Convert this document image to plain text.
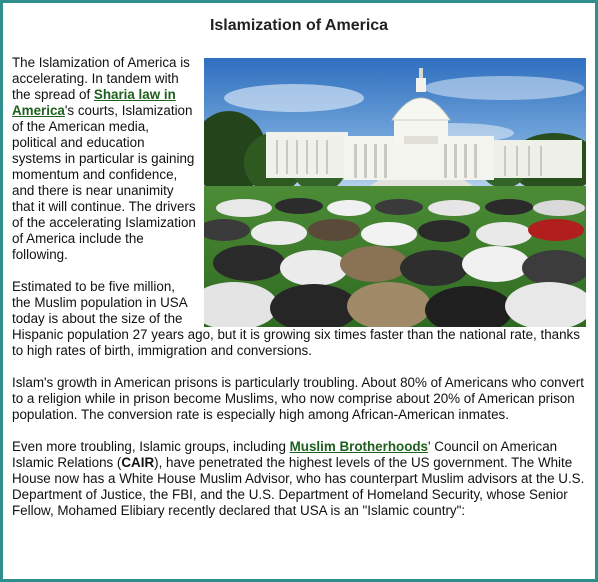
Islamization of America

The Islamization of America is accelerating. In tandem with the spread of Sharia law in America's courts, Islamization of the American media, political and education systems in particular is gaining momentum and confidence, and there is near unanimity that it will continue. The drivers of the accelerating Islamization of America include the following.

Estimated to be five million, the Muslim population in USA today is about the size of the Hispanic population 27 years ago, but it is growing six times faster than the national rate, thanks to high rates of birth, immigration and conversions.

Islam's growth in American prisons is particularly troubling. About 80% of Americans who convert to a religion while in prison become Muslims, who now comprise about 20% of American prison population. The conversion rate is especially high among African-American inmates.

Even more troubling, Islamic groups, including Muslim Brotherhoods' Council on American Islamic Relations (CAIR), have penetrated the highest levels of the US government. The White House now has a White House Muslim Advisor, who has counterpart Muslim advisors at the U.S. Department of Justice, the FBI, and the U.S. Department of Homeland Security, whose Senior Fellow, Mohamed Elibiary recently declared that USA is an "Islamic country":
